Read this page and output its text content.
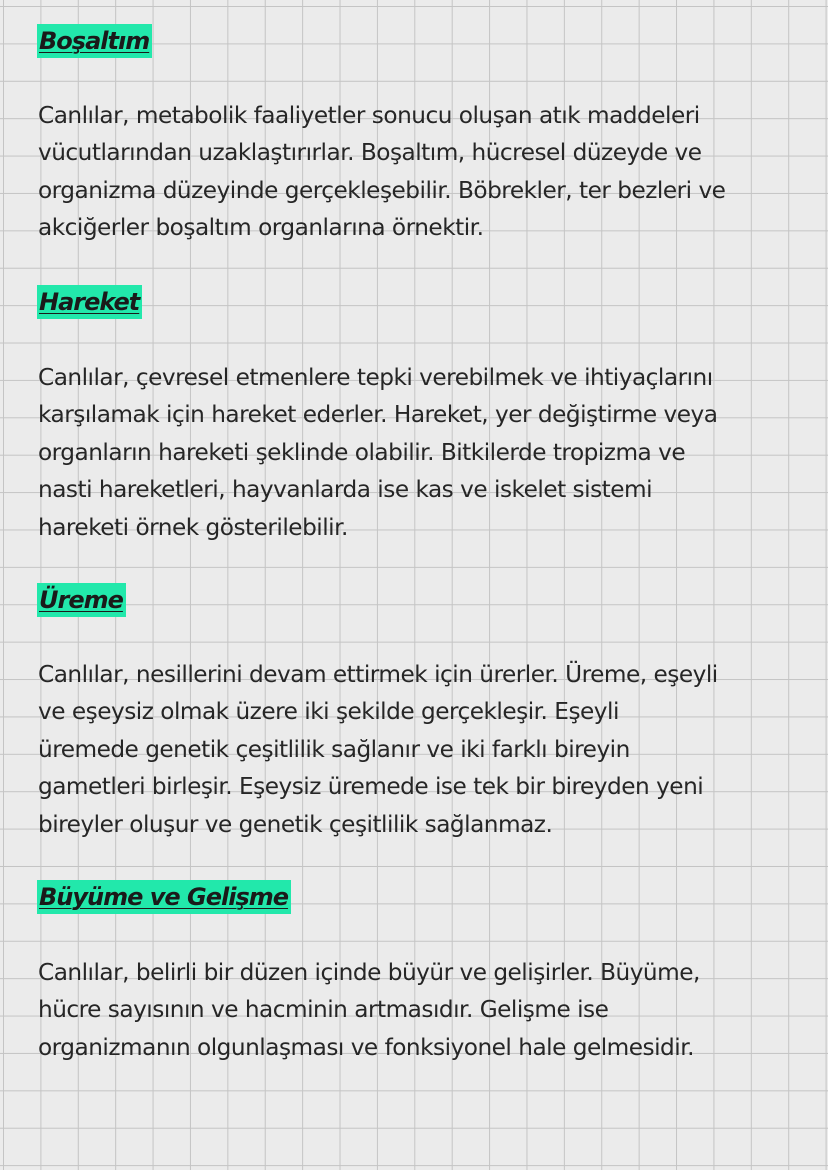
Boşaltım

Canlılar, metabolik faaliyetler sonucu oluşan atık maddeleri
vücutlarından uzaklaştırırlar. Boşaltım, hücresel düzeyde ve
organizma düzeyinde gerçekleşebilir. Böbrekler, ter bezleri ve
akciğerler boşaltım organlarına örnektir.

Hareket

Canlılar, çevresel etmenlere tepki verebilmek ve ihtiyaçlarını
karşılamak için hareket ederler. Hareket, yer değiştirme veya
organların hareketi şeklinde olabilir. Bitkilerde tropizma ve
nasti hareketleri, hayvanlarda ise kas ve iskelet sistemi
hareketi örnek gösterilebilir.

Üreme

Canlılar, nesillerini devam ettirmek için ürerler. Üreme, eşeyli
ve eşeysiz olmak üzere iki şekilde gerçekleşir. Eşeyli
üremede genetik çeşitlilik sağlanır ve iki farklı bireyin
gametleri birleşir. Eşeysiz üremede ise tek bir bireyden yeni
bireyler oluşur ve genetik çeşitlilik sağlanmaz.

Büyüme ve Gelişme

Canlılar, belirli bir düzen içinde büyür ve gelişirler. Büyüme,
hücre sayısının ve hacminin artmasıdır. Gelişme ise
organizmanın olgunlaşması ve fonksiyonel hale gelmesidir.
